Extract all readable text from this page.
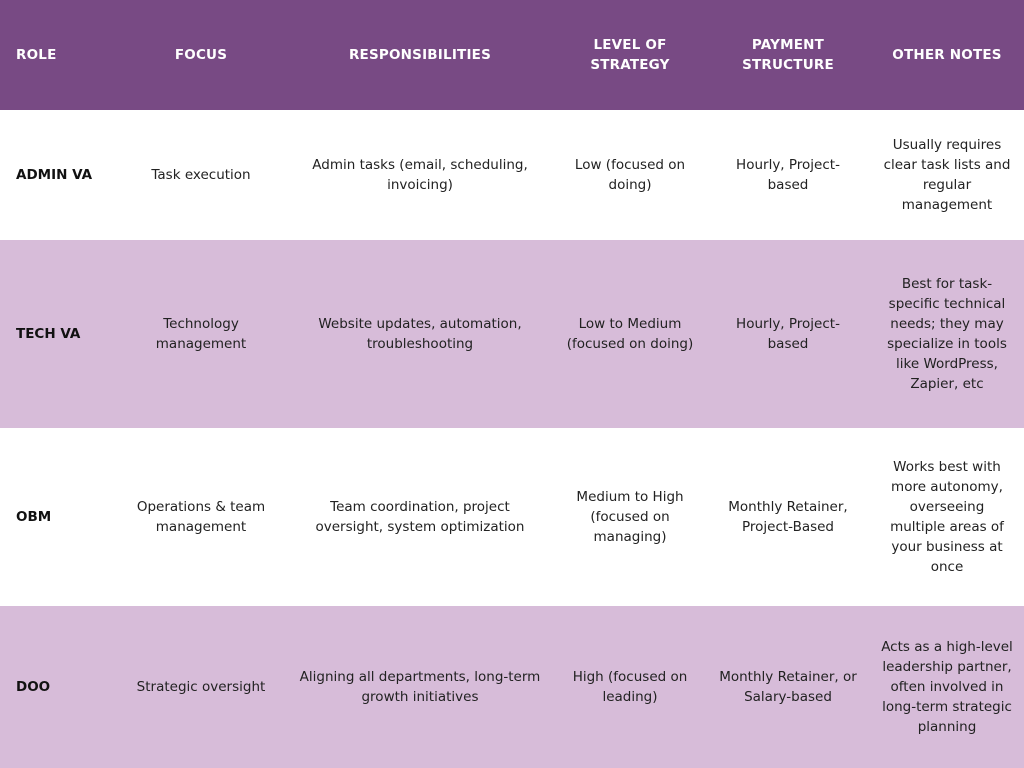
ROLE	FOCUS	RESPONSIBILITIES	LEVEL OF STRATEGY	PAYMENT STRUCTURE	OTHER NOTES
ADMIN VA	Task execution	Admin tasks (email, scheduling, invoicing)	Low (focused on doing)	Hourly, Project-based	Usually requires clear task lists and regular management
TECH VA	Technology management	Website updates, automation, troubleshooting	Low to Medium (focused on doing)	Hourly, Project-based	Best for task-specific technical needs; they may specialize in tools like WordPress, Zapier, etc
OBM	Operations & team management	Team coordination, project oversight, system optimization	Medium to High (focused on managing)	Monthly Retainer, Project-Based	Works best with more autonomy, overseeing multiple areas of your business at once
DOO	Strategic oversight	Aligning all departments, long-term growth initiatives	High (focused on leading)	Monthly Retainer, or Salary-based	Acts as a high-level leadership partner, often involved in long-term strategic planning
